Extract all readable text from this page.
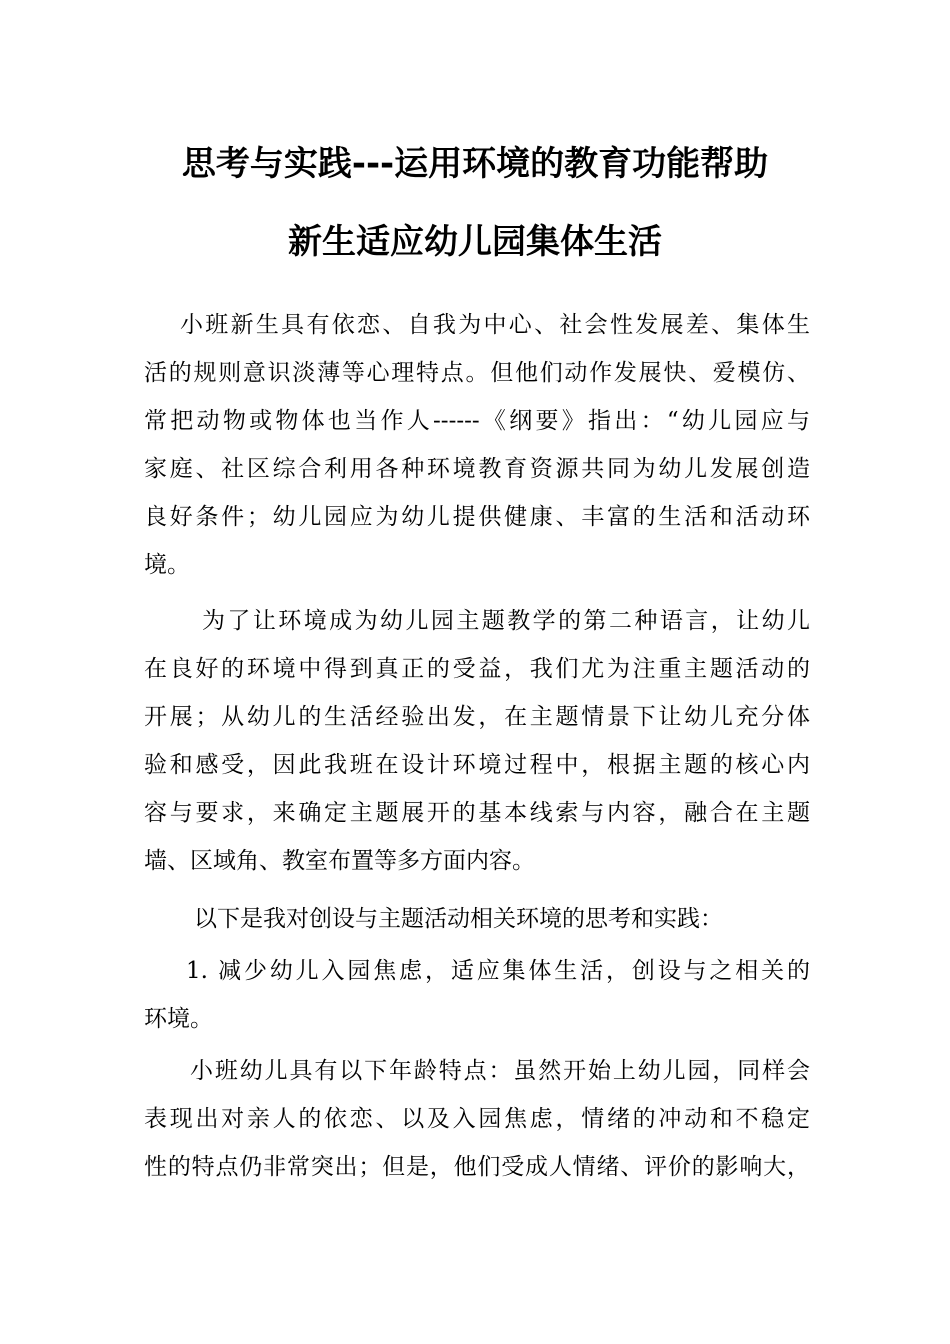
思考与实践---运用环境的教育功能帮助
新生适应幼儿园集体生活
小班新生具有依恋、自我为中心、社会性发展差、集体生
活的规则意识淡薄等心理特点。但他们动作发展快、爱模仿、
常把动物或物体也当作人------《纲要》指出：“幼儿园应与
家庭、社区综合利用各种环境教育资源共同为幼儿发展创造
良好条件；幼儿园应为幼儿提供健康、丰富的生活和活动环
境。
为了让环境成为幼儿园主题教学的第二种语言，让幼儿
在良好的环境中得到真正的受益，我们尤为注重主题活动的
开展；从幼儿的生活经验出发，在主题情景下让幼儿充分体
验和感受，因此我班在设计环境过程中，根据主题的核心内
容与要求，来确定主题展开的基本线索与内容，融合在主题
墙、区域角、教室布置等多方面内容。
以下是我对创设与主题活动相关环境的思考和实践：
1. 减少幼儿入园焦虑，适应集体生活，创设与之相关的
环境。
小班幼儿具有以下年龄特点：虽然开始上幼儿园，同样会
表现出对亲人的依恋、以及入园焦虑，情绪的冲动和不稳定
性的特点仍非常突出；但是，他们受成人情绪、评价的影响大，
